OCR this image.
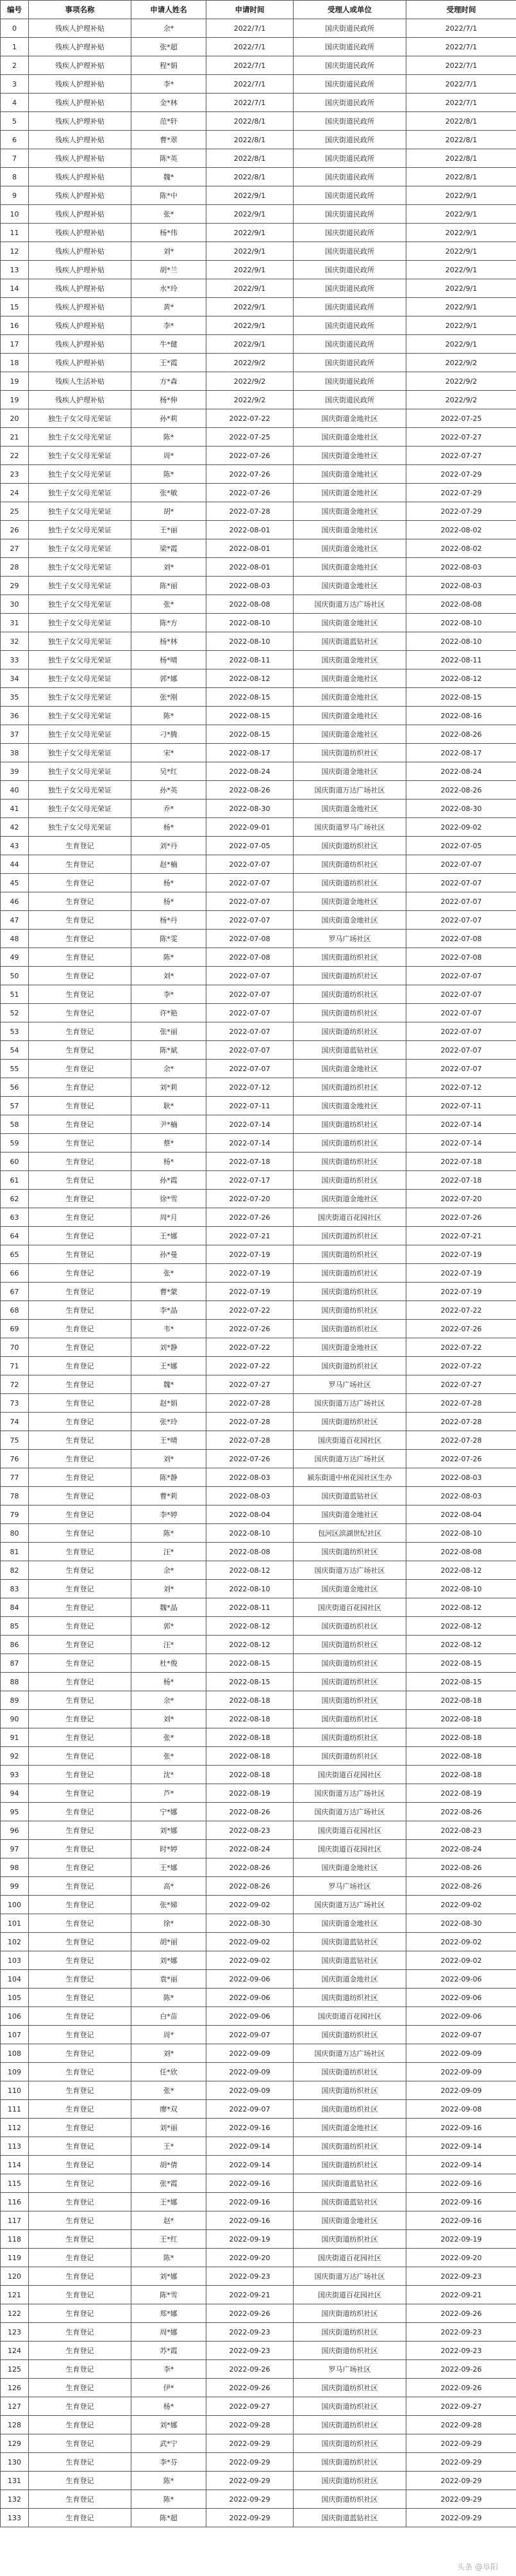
编号	事项名称	申请人姓名	申请时间	受理人或单位	受理时间
0	残疾人护理补贴	余*	2022/7/1	国庆街道民政所	2022/7/1
1	残疾人护理补贴	张*超	2022/7/1	国庆街道民政所	2022/7/1
2	残疾人护理补贴	程*娟	2022/7/1	国庆街道民政所	2022/7/1
3	残疾人护理补贴	李*	2022/7/1	国庆街道民政所	2022/7/1
4	残疾人护理补贴	金*林	2022/7/1	国庆街道民政所	2022/7/1
5	残疾人护理补贴	范*轩	2022/8/1	国庆街道民政所	2022/8/1
6	残疾人护理补贴	曹*翠	2022/8/1	国庆街道民政所	2022/8/1
7	残疾人护理补贴	陈*英	2022/8/1	国庆街道民政所	2022/8/1
8	残疾人护理补贴	魏*	2022/8/1	国庆街道民政所	2022/8/1
9	残疾人护理补贴	陈*中	2022/9/1	国庆街道民政所	2022/9/1
10	残疾人护理补贴	张*	2022/9/1	国庆街道民政所	2022/9/1
11	残疾人护理补贴	杨*伟	2022/9/1	国庆街道民政所	2022/9/1
12	残疾人护理补贴	刘*	2022/9/1	国庆街道民政所	2022/9/1
13	残疾人护理补贴	胡*兰	2022/9/1	国庆街道民政所	2022/9/1
14	残疾人护理补贴	水*玲	2022/9/1	国庆街道民政所	2022/9/1
15	残疾人护理补贴	黄*	2022/9/1	国庆街道民政所	2022/9/1
16	残疾人护理补贴	李*	2022/9/1	国庆街道民政所	2022/9/1
17	残疾人护理补贴	牛*健	2022/9/1	国庆街道民政所	2022/9/1
18	残疾人护理补贴	王*霞	2022/9/2	国庆街道民政所	2022/9/2
19	残疾人生活补贴	方*森	2022/9/2	国庆街道民政所	2022/9/2
19	残疾人护理补贴	杨*伸	2022/9/2	国庆街道民政所	2022/9/2
20	独生子女父母光荣证	孙*莉	2022-07-22	国庆街道金地社区	2022-07-25
21	独生子女父母光荣证	陈*	2022-07-25	国庆街道金地社区	2022-07-27
22	独生子女父母光荣证	周*	2022-07-26	国庆街道金地社区	2022-07-27
23	独生子女父母光荣证	陈*	2022-07-26	国庆街道金地社区	2022-07-29
24	独生子女父母光荣证	张*敏	2022-07-26	国庆街道金地社区	2022-07-29
25	独生子女父母光荣证	胡*	2022-07-28	国庆街道金地社区	2022-07-29
26	独生子女父母光荣证	王*丽	2022-08-01	国庆街道金地社区	2022-08-02
27	独生子女父母光荣证	梁*霞	2022-08-01	国庆街道金地社区	2022-08-02
28	独生子女父母光荣证	刘*	2022-08-01	国庆街道金地社区	2022-08-03
29	独生子女父母光荣证	陈*丽	2022-08-03	国庆街道金地社区	2022-08-03
30	独生子女父母光荣证	张*	2022-08-08	国庆街道万达广场社区	2022-08-08
31	独生子女父母光荣证	陈*方	2022-08-10	国庆街道金地社区	2022-08-10
32	独生子女父母光荣证	杨*林	2022-08-10	国庆街道蓝钻社区	2022-08-10
33	独生子女父母光荣证	杨*晴	2022-08-11	国庆街道金地社区	2022-08-11
34	独生子女父母光荣证	郭*娜	2022-08-12	国庆街道金地社区	2022-08-12
35	独生子女父母光荣证	张*刚	2022-08-15	国庆街道金地社区	2022-08-15
36	独生子女父母光荣证	陈*	2022-08-15	国庆街道金地社区	2022-08-16
37	独生子女父母光荣证	刁*腾	2022-08-15	国庆街道金地社区	2022-08-26
38	独生子女父母光荣证	宋*	2022-08-17	国庆街道纺织社区	2022-08-17
39	独生子女父母光荣证	吴*红	2022-08-24	国庆街道金地社区	2022-08-24
40	独生子女父母光荣证	孙*英	2022-08-26	国庆街道万达广场社区	2022-08-26
41	独生子女父母光荣证	乔*	2022-08-30	国庆街道金地社区	2022-08-30
42	独生子女父母光荣证	杨*	2022-09-01	国庆街道罗马广场社区	2022-09-02
43	生育登记	刘*丹	2022-07-05	国庆街道纺织社区	2022-07-05
44	生育登记	赵*楠	2022-07-07	国庆街道纺织社区	2022-07-07
45	生育登记	杨*	2022-07-07	国庆街道纺织社区	2022-07-07
46	生育登记	杨*	2022-07-07	国庆街道金地社区	2022-07-07
47	生育登记	杨*丹	2022-07-07	国庆街道金地社区	2022-07-07
48	生育登记	陈*雯	2022-07-08	罗马广场社区	2022-07-08
49	生育登记	陈*	2022-07-08	国庆街道纺织社区	2022-07-08
50	生育登记	刘*	2022-07-07	国庆街道纺织社区	2022-07-07
51	生育登记	李*	2022-07-07	国庆街道纺织社区	2022-07-07
52	生育登记	许*艳	2022-07-07	国庆街道纺织社区	2022-07-07
53	生育登记	张*丽	2022-07-07	国庆街道纺织社区	2022-07-07
54	生育登记	陈*斌	2022-07-07	国庆街道蓝钻社区	2022-07-07
55	生育登记	余*	2022-07-07	国庆街道金地社区	2022-07-07
56	生育登记	刘*莉	2022-07-12	国庆街道纺织社区	2022-07-12
57	生育登记	耿*	2022-07-11	国庆街道金地社区	2022-07-11
58	生育登记	尹*楠	2022-07-14	国庆街道纺织社区	2022-07-14
59	生育登记	蔡*	2022-07-14	国庆街道纺织社区	2022-07-14
60	生育登记	杨*	2022-07-18	国庆街道纺织社区	2022-07-18
61	生育登记	孙*霞	2022-07-17	国庆街道纺织社区	2022-07-18
62	生育登记	徐*雪	2022-07-20	国庆街道金地社区	2022-07-20
63	生育登记	周*月	2022-07-26	国庆街道百花园社区	2022-07-26
64	生育登记	王*娜	2022-07-21	国庆街道纺织社区	2022-07-21
65	生育登记	孙*曼	2022-07-19	国庆街道纺织社区	2022-07-19
66	生育登记	张*	2022-07-19	国庆街道纺织社区	2022-07-19
67	生育登记	曹*蒙	2022-07-19	国庆街道纺织社区	2022-07-19
68	生育登记	李*晶	2022-07-22	国庆街道纺织社区	2022-07-22
69	生育登记	韦*	2022-07-26	国庆街道纺织社区	2022-07-26
70	生育登记	刘*静	2022-07-22	国庆街道金地社区	2022-07-22
71	生育登记	王*娜	2022-07-22	国庆街道纺织社区	2022-07-22
72	生育登记	魏*	2022-07-27	罗马广场社区	2022-07-27
73	生育登记	赵*娟	2022-07-28	国庆街道万达广场社区	2022-07-28
74	生育登记	张*玲	2022-07-28	国庆街道纺织社区	2022-07-28
75	生育登记	王*晴	2022-07-28	国庆街道百花园社区	2022-07-28
76	生育登记	刘*	2022-07-26	国庆街道万达广场社区	2022-07-26
77	生育登记	陈*静	2022-08-03	颍东街道中州花园社区生办	2022-08-03
78	生育登记	曹*莉	2022-08-03	国庆街道蓝钻社区	2022-08-03
79	生育登记	李*婷	2022-08-04	国庆街道金地社区	2022-08-04
80	生育登记	陈*	2022-08-10	包河区滨湖世纪社区	2022-08-10
81	生育登记	汪*	2022-08-08	国庆街道纺织社区	2022-08-08
82	生育登记	余*	2022-08-12	国庆街道万达广场社区	2022-08-12
83	生育登记	刘*	2022-08-10	国庆街道金地社区	2022-08-10
84	生育登记	魏*晶	2022-08-11	国庆街道百花园社区	2022-08-12
85	生育登记	郭*	2022-08-12	国庆街道纺织社区	2022-08-12
86	生育登记	汪*	2022-08-12	国庆街道纺织社区	2022-08-12
87	生育登记	杜*俊	2022-08-15	国庆街道纺织社区	2022-08-15
88	生育登记	杨*	2022-08-15	国庆街道纺织社区	2022-08-15
89	生育登记	余*	2022-08-18	国庆街道纺织社区	2022-08-18
90	生育登记	刘*	2022-08-18	国庆街道纺织社区	2022-08-18
91	生育登记	张*	2022-08-18	国庆街道纺织社区	2022-08-18
92	生育登记	张*	2022-08-18	国庆街道纺织社区	2022-08-18
93	生育登记	沈*	2022-08-18	国庆街道百花园社区	2022-08-18
94	生育登记	芦*	2022-08-19	国庆街道万达广场社区	2022-08-19
95	生育登记	宁*娜	2022-08-26	国庆街道万达广场社区	2022-08-26
96	生育登记	刘*娜	2022-08-23	国庆街道百花园社区	2022-08-23
97	生育登记	时*婷	2022-08-24	国庆街道百花园社区	2022-08-24
98	生育登记	王*娜	2022-08-26	国庆街道金地社区	2022-08-26
99	生育登记	高*	2022-08-26	罗马广场社区	2022-08-26
100	生育登记	张*娣	2022-09-02	国庆街道万达广场社区	2022-09-02
101	生育登记	徐*	2022-08-30	国庆街道金地社区	2022-08-30
102	生育登记	胡*丽	2022-09-02	国庆街道蓝钻社区	2022-09-02
103	生育登记	刘*娜	2022-09-02	国庆街道蓝钻社区	2022-09-02
104	生育登记	袁*丽	2022-09-06	国庆街道金地社区	2022-09-06
105	生育登记	陈*	2022-09-06	国庆街道纺织社区	2022-09-06
106	生育登记	白*苗	2022-09-06	国庆街道百花园社区	2022-09-06
107	生育登记	周*	2022-09-07	国庆街道纺织社区	2022-09-07
108	生育登记	刘*	2022-09-09	国庆街道万达广场社区	2022-09-09
109	生育登记	任*欣	2022-09-09	国庆街道纺织社区	2022-09-09
110	生育登记	张*	2022-09-09	国庆街道纺织社区	2022-09-09
111	生育登记	廖*双	2022-09-07	国庆街道纺织社区	2022-09-08
112	生育登记	刘*丽	2022-09-16	国庆街道金地社区	2022-09-16
113	生育登记	王*	2022-09-14	国庆街道纺织社区	2022-09-14
114	生育登记	胡*倩	2022-09-14	国庆街道纺织社区	2022-09-14
115	生育登记	张*霞	2022-09-16	国庆街道蓝钻社区	2022-09-16
116	生育登记	王*娜	2022-09-16	国庆街道蓝钻社区	2022-09-16
117	生育登记	赵*	2022-09-16	国庆街道金地社区	2022-09-16
118	生育登记	王*红	2022-09-19	国庆街道纺织社区	2022-09-19
119	生育登记	陈*	2022-09-20	国庆街道百花园社区	2022-09-20
120	生育登记	刘*娜	2022-09-23	国庆街道万达广场社区	2022-09-23
121	生育登记	陈*雪	2022-09-21	国庆街道百花园社区	2022-09-21
122	生育登记	郑*娜	2022-09-26	国庆街道纺织社区	2022-09-26
123	生育登记	周*娜	2022-09-23	国庆街道纺织社区	2022-09-23
124	生育登记	苏*霞	2022-09-23	国庆街道纺织社区	2022-09-23
125	生育登记	李*	2022-09-26	罗马广场社区	2022-09-26
126	生育登记	伊*	2022-09-26	国庆街道纺织社区	2022-09-26
127	生育登记	杨*	2022-09-27	国庆街道纺织社区	2022-09-27
128	生育登记	刘*娜	2022-09-28	国庆街道纺织社区	2022-09-28
129	生育登记	武*宁	2022-09-29	国庆街道纺织社区	2022-09-29
130	生育登记	李*芬	2022-09-29	国庆街道纺织社区	2022-09-29
131	生育登记	陈*	2022-09-29	国庆街道纺织社区	2022-09-29
132	生育登记	陈*	2022-09-29	国庆街道纺织社区	2022-09-29
133	生育登记	陈*超	2022-09-29	国庆街道蓝钻社区	2022-09-29
头条 @阜阳
